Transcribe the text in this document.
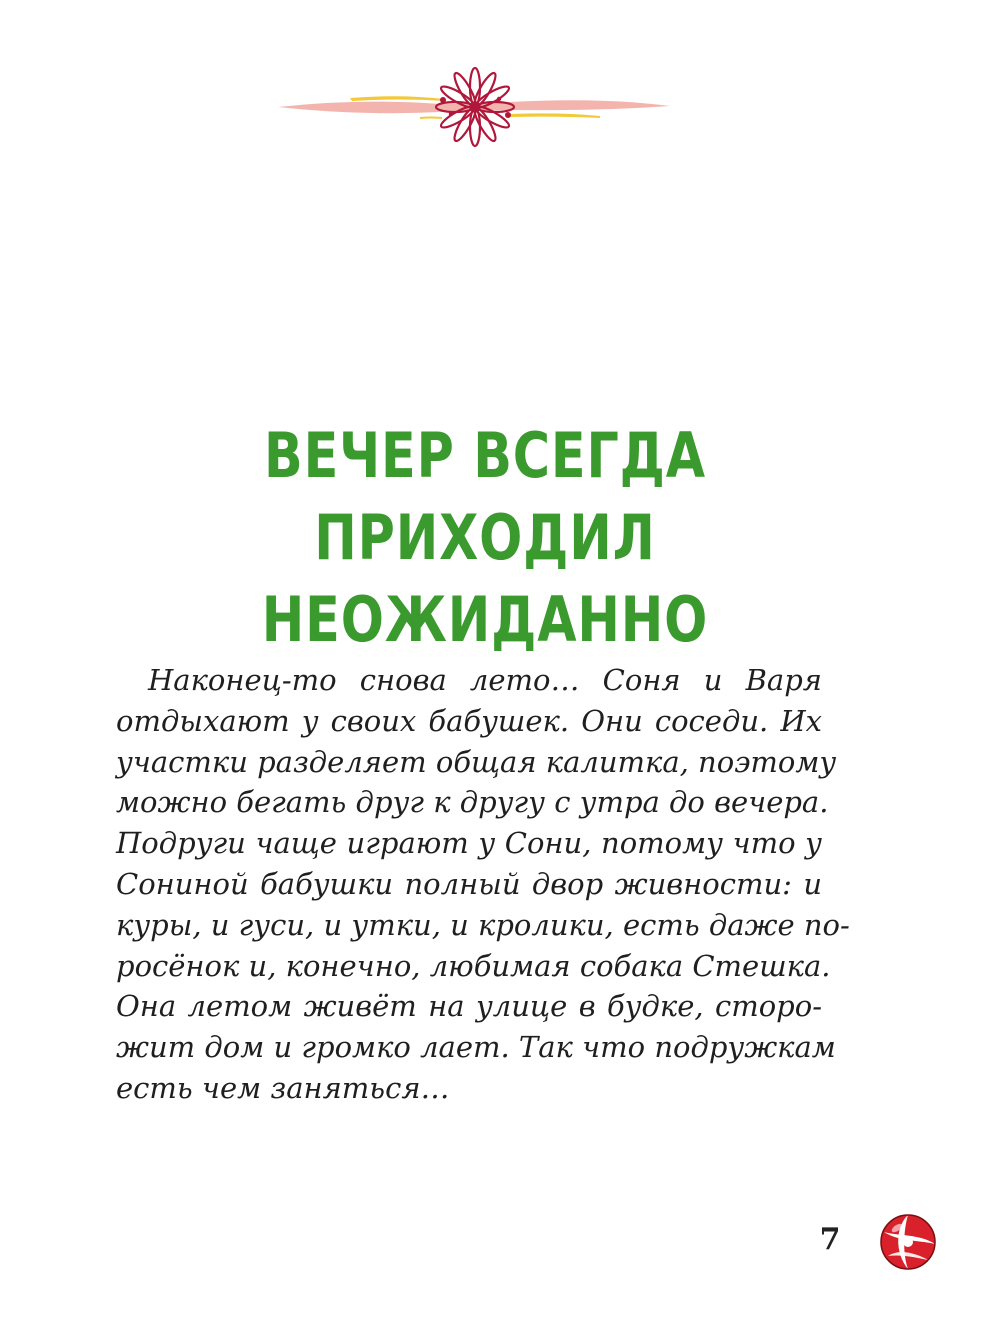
ВЕЧЕР ВСЕГДА
ПРИХОДИЛ НЕОЖИДАННО
Наконец-то снова лето… Соня и Варя
отдыхают у своих бабушек. Они соседи. Их
участки разделяет общая калитка, поэтому
можно бегать друг к другу с утра до вечера.
Подруги чаще играют у Сони, потому что у
Сониной бабушки полный двор живности: и
куры, и гуси, и утки, и кролики, есть даже по-
росёнок и, конечно, любимая собака Стешка.
Она летом живёт на улице в будке, сторо-
жит дом и громко лает. Так что подружкам
есть чем заняться…
7
